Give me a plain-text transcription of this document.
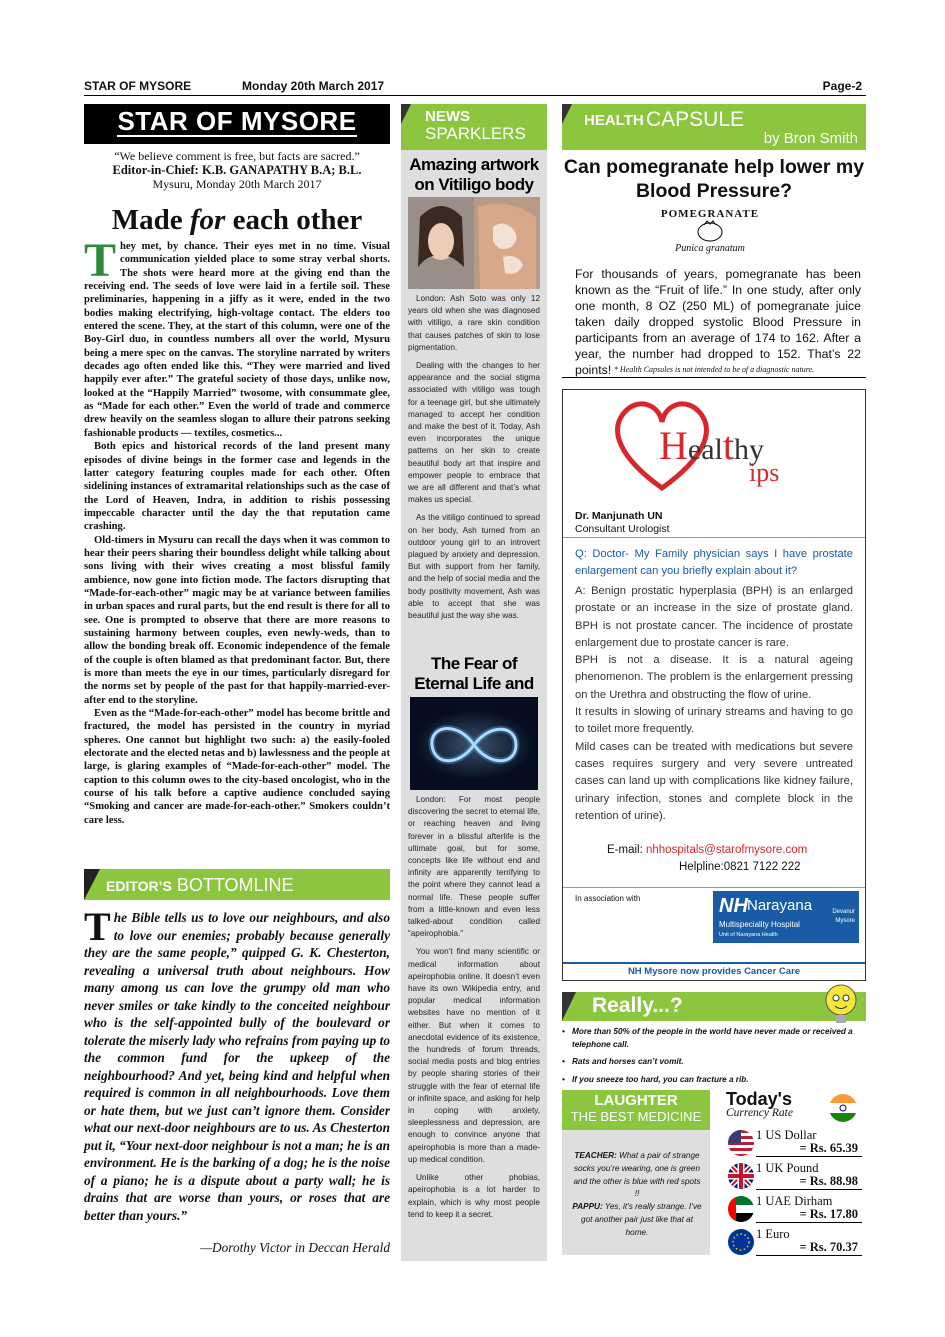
STAR OF MYSORE	Monday 20th March 2017	Page-2
STAR OF MYSORE
“We believe comment is free, but facts are sacred.”
Editor-in-Chief: K.B. GANAPATHY B.A; B.L.
Mysuru, Monday 20th March 2017
Made for each other

They met, by chance. Their eyes met in no time. Visual communication yielded place to some stray verbal shorts. The shots were heard more at the giving end than the receiving end. The seeds of love were laid in a fertile soil. These preliminaries, happening in a jiffy as it were, ended in the two bodies making electrifying, high-voltage contact. The elders too entered the scene. They, at the start of this column, were one of the Boy-Girl duo, in countless numbers all over the world, Mysuru being a mere spec on the canvas. The storyline narrated by writers decades ago often ended like this. “They were married and lived happily ever after.” The grateful society of those days, unlike now, looked at the “Happily Married” twosome, with consummate glee, as “Made for each other.” Even the world of trade and commerce drew heavily on the seamless slogan to allure their patrons seeking fashionable products — textiles, cosmetics...

Both epics and historical records of the land present many episodes of divine beings in the former case and legends in the latter category featuring couples made for each other. Often sidelining instances of extramarital relationships such as the case of the Lord of Heaven, Indra, in addition to rishis possessing impeccable character until the day the that reputation came crashing.

Old-timers in Mysuru can recall the days when it was common to hear their peers sharing their boundless delight while talking about sons living with their wives creating a most blissful family ambience, now gone into fiction mode. The factors disrupting that “Made-for-each-other” magic may be at variance between families in urban spaces and rural parts, but the end result is there for all to see. One is prompted to observe that there are more reasons to sustaining harmony between couples, even newly-weds, than to allow the bonding break off. Economic independence of the female of the couple is often blamed as that predominant factor. But, there is more than meets the eye in our times, particularly disregard for the norms set by people of the past for that happily-married-ever-after end to the storyline.

Even as the “Made-for-each-other” model has become brittle and fractured, the model has persisted in the country in myriad spheres. One cannot but highlight two such: a) the easily-fooled electorate and the elected netas and b) lawlessness and the people at large, is glaring examples of “Made-for-each-other” model. The caption to this column owes to the city-based oncologist, who in the course of his talk before a captive audience concluded saying “Smoking and cancer are made-for-each-other.” Smokers couldn’t care less.

EDITOR’S BOTTOMLINE
The Bible tells us to love our neighbours, and also to love our enemies; probably because generally they are the same people,” quipped G. K. Chesterton, revealing a universal truth about neighbours. How many among us can love the grumpy old man who never smiles or take kindly to the conceited neighbour who is the self-appointed bully of the boulevard or tolerate the miserly lady who refrains from paying up to the common fund for the upkeep of the neighbourhood? And yet, being kind and helpful when required is common in all neighbourhoods. Love them or hate them, but we just can’t ignore them. Consider what our next-door neighbours are to us. As Chesterton put it, “Your next-door neighbour is not a man; he is an environment. He is the barking of a dog; he is the noise of a piano; he is a dispute about a party wall; he is drains that are worse than yours, or roses that are better than yours.”
—Dorothy Victor in Deccan Herald
NEWS
SPARKLERS
Amazing artwork on Vitiligo body

London: Ash Soto was only 12 years old when she was diagnosed with vitiligo, a rare skin condition that causes patches of skin to lose pigmentation.

Dealing with the changes to her appearance and the social stigma associated with vitiligo was tough for a teenage girl, but she ultimately managed to accept her condition and make the best of it. Today, Ash even incorporates the unique patterns on her skin to create beautiful body art that inspire and empower people to embrace that we are all different and that’s what makes us special.

As the vitiligo continued to spread on her body, Ash turned from an outdoor young girl to an introvert plagued by anxiety and depression. But with support from her family, and the help of social media and the body positivity movement, Ash was able to accept that she was beautiful just the way she was.

The Fear of Eternal Life and

London: For most people discovering the secret to eternal life, or reaching heaven and living forever in a blissful afterlife is the ultimate goal, but for some, concepts like life without end and infinity are apparently terrifying to the point where they cannot lead a normal life. These people suffer from a little-known and even less talked-about condition called “apeirophobia.”

You won’t find many scientific or medical information about apeirophobia online. It doesn’t even have its own Wikipedia entry, and popular medical information websites have no mention of it either. But when it comes to anecdotal evidence of its existence, the hundreds of forum threads, social media posts and blog entries by people sharing stories of their struggle with the fear of eternal life or infinite space, and asking for help in coping with anxiety, sleeplessness and depression, are enough to convince anyone that apeirophobia is more than a made-up medical condition.

Unlike other phobias, apeirophobia is a lot harder to explain, which is why most people tend to keep it a secret.

HEALTH CAPSULE
by Bron Smith
Can pomegranate help lower my Blood Pressure?
POMEGRANATE
Punica granatum
For thousands of years, pomegranate has been known as the “Fruit of life.” In one study, after only one month, 8 OZ (250 ML) of pomegranate juice taken daily dropped systolic Blood Pressure in participants from an average of 174 to 162. After a year, the number had dropped to 152. That’s 22 points! * Health Capsules is not intended to be of a diagnostic nature.
Healthy
ips
Dr. Manjunath UN
Consultant Urologist
Q: Doctor- My Family physician says I have prostate enlargement can you briefly explain about it?
A: Benign prostatic hyperplasia (BPH) is an enlarged prostate or an increase in the size of prostate gland. BPH is not prostate cancer. The incidence of prostate enlargement due to prostate cancer is rare.
BPH is not a disease. It is a natural ageing phenomenon. The problem is the enlargement pressing on the Urethra and obstructing the flow of urine.
It results in slowing of urinary streams and having to go to toilet more frequently.
Mild cases can be treated with medications but severe cases requires surgery and very severe untreated cases can land up with complications like kidney failure, urinary infection, stones and complete block in the retention of urine).
E-mail: nhhospitals@starofmysore.com
Helpline:0821 7122 222
In association with	NH Narayana
Multispeciality Hospital
Unit of Narayana Health
Devanur
Mysore
NH Mysore now provides Cancer Care
Really...?
• More than 50% of the people in the world have never made or received a telephone call.
• Rats and horses can’t vomit.
• If you sneeze too hard, you can fracture a rib.
LAUGHTER
THE BEST MEDICINE
TEACHER: What a pair of strange socks you’re wearing, one is green and the other is blue with red spots !!
PAPPU: Yes, it’s really strange. I’ve got another pair just like that at home.
Today's
Currency Rate
1 US Dollar
= Rs. 65.39
1 UK Pound
= Rs. 88.98
1 UAE Dirham
= Rs. 17.80
1 Euro
= Rs. 70.37
